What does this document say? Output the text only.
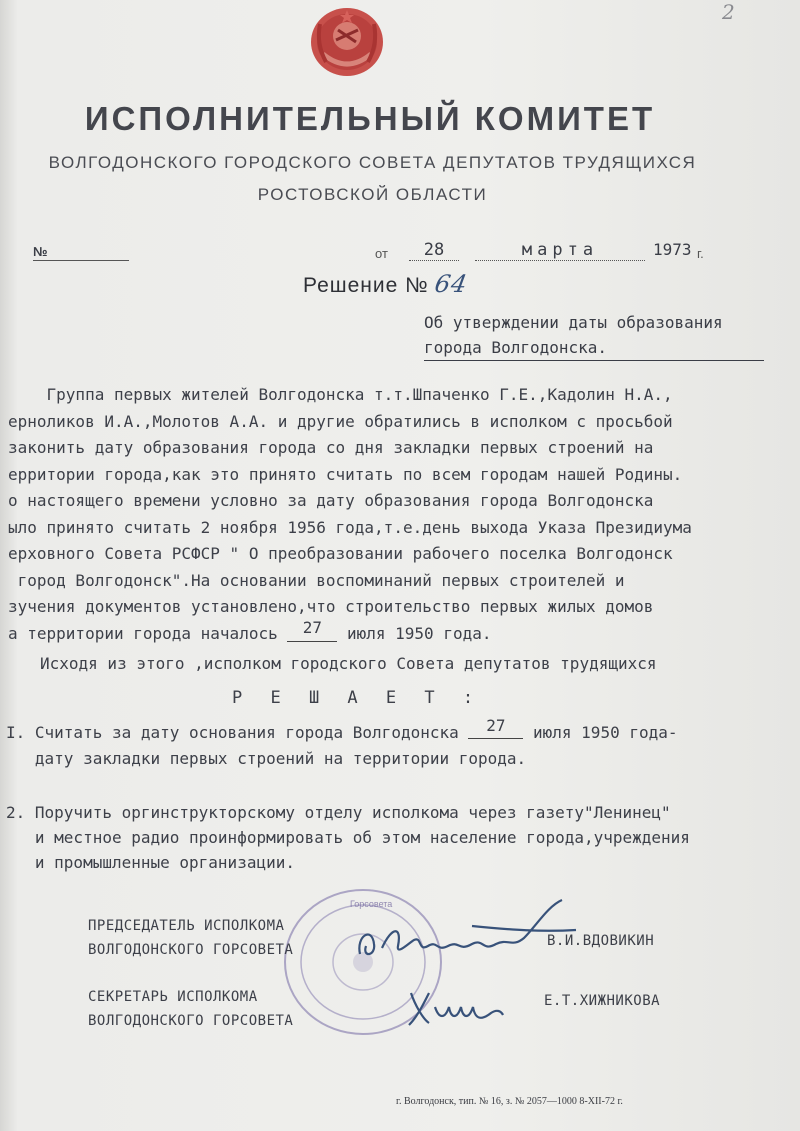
2
ИСПОЛНИТЕЛЬНЫЙ КОМИТЕТ
ВОЛГОДОНСКОГО ГОРОДСКОГО СОВЕТА ДЕПУТАТОВ ТРУДЯЩИХСЯ
РОСТОВСКОЙ ОБЛАСТИ
№	от	28	марта	1973 г.
Решение № 64
Об утверждении даты образования
города Волгодонска.
Группа первых жителей Волгодонска т.т.Шпаченко Г.Е.,Кадолин Н.А.,
ерноликов И.А.,Молотов А.А. и другие обратились в исполком с просьбой
законить дату образования города со дня закладки первых строений на
ерритории города,как это принято считать по всем городам нашей Родины.
о настоящего времени условно за дату образования города Волгодонска
ыло принято считать 2 ноября 1956 года,т.е.день выхода Указа Президиума
ерховного Совета РСФСР " О преобразовании рабочего поселка Волгодонск
город Волгодонск".На основании воспоминаний первых строителей и
зучения документов установлено,что строительство первых жилых домов
а территории города началось 27 июля 1950 года.
Исходя из этого ,исполком городского Совета депутатов трудящихся
Р Е Ш А Е Т :
I. Считать за дату основания города Волгодонска 27 июля 1950 года-
дату закладки первых строений на территории города.
2. Поручить оргинструкторскому отделу исполкома через газету"Ленинец"
и местное радио проинформировать об этом население города,учреждения
и промышленные организации.
Горсовета
ПРЕДСЕДАТЕЛЬ ИСПОЛКОМА
ВОЛГОДОНСКОГО ГОРСОВЕТА
В.И.ВДОВИКИН
СЕКРЕТАРЬ ИСПОЛКОМА
ВОЛГОДОНСКОГО ГОРСОВЕТА
Е.Т.ХИЖНИКОВА
г. Волгодонск, тип. № 16, з. № 2057—1000 8-XII-72 г.
